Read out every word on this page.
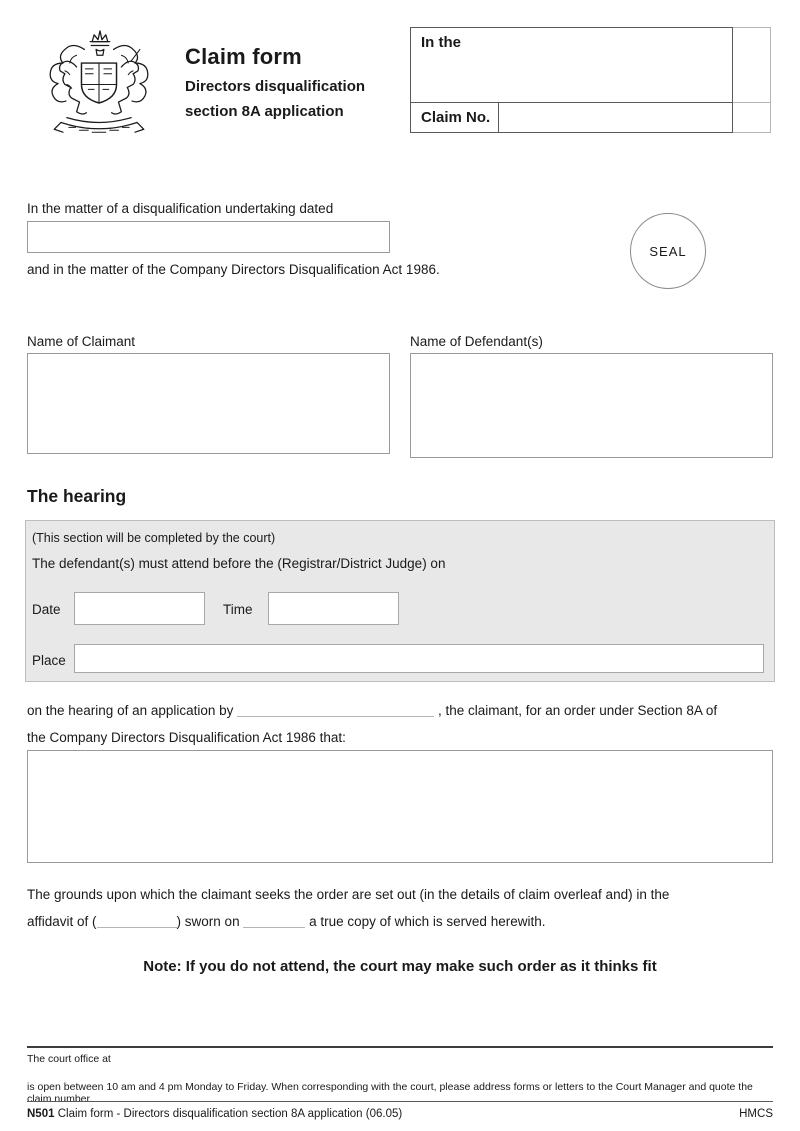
Claim form
Directors disqualification
section 8A application
In the
Claim No.
In the matter of a disqualification undertaking dated
and in the matter of the Company Directors Disqualification Act 1986.
SEAL
Name of Claimant	Name of Defendant(s)
The hearing
(This section will be completed by the court)
The defendant(s) must attend before the (Registrar/District Judge) on
Date	Time
Place
on the hearing of an application by	, the claimant, for an order under Section 8A of
the Company Directors Disqualification Act 1986 that:
The grounds upon which the claimant seeks the order are set out (in the details of claim overleaf and) in the
affidavit of (	) sworn on	a true copy of which is served herewith.
Note: If you do not attend, the court may make such order as it thinks fit
The court office at
is open between 10 am and 4 pm Monday to Friday. When corresponding with the court, please address forms or letters to the Court Manager and quote the claim number.
N501 Claim form - Directors disqualification section 8A application (06.05)	HMCS
